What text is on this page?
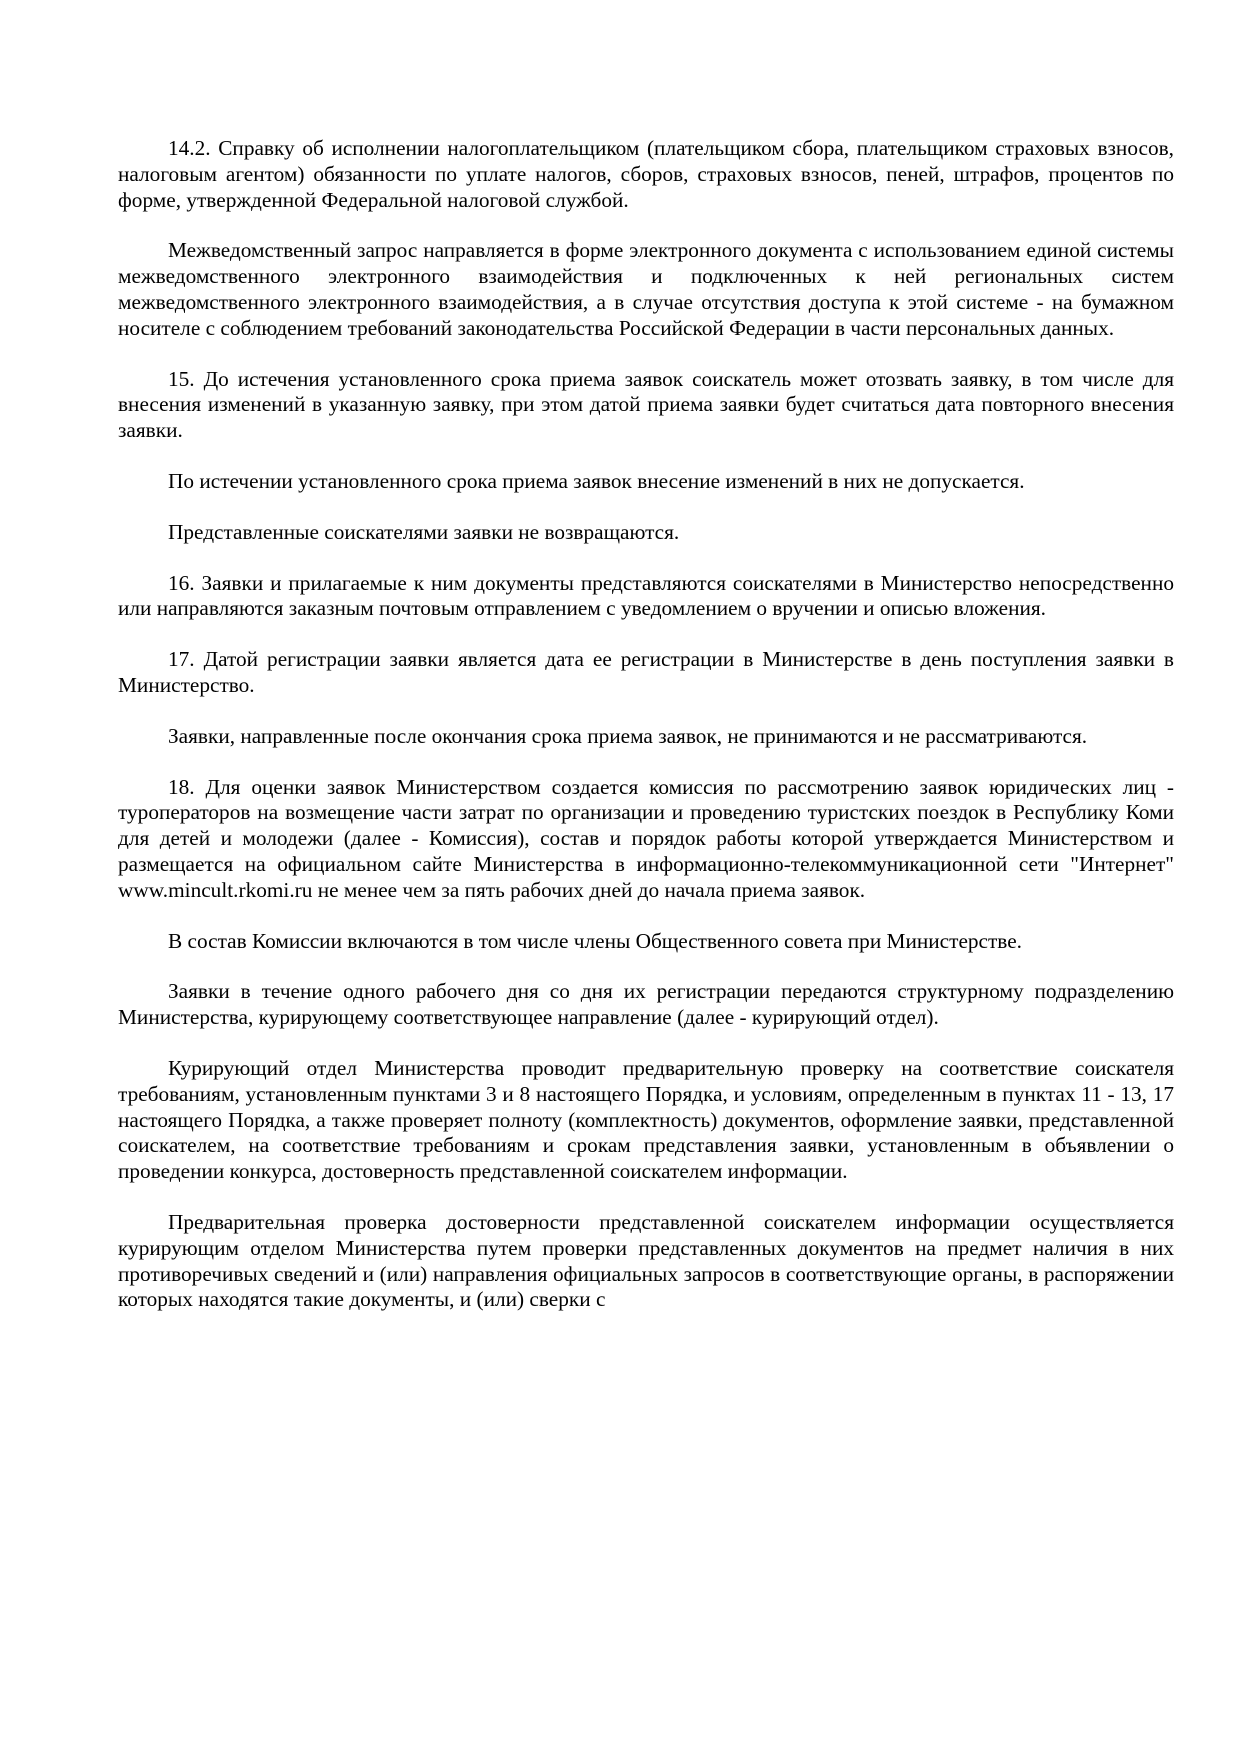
14.2. Справку об исполнении налогоплательщиком (плательщиком сбора, плательщиком страховых взносов, налоговым агентом) обязанности по уплате налогов, сборов, страховых взносов, пеней, штрафов, процентов по форме, утвержденной Федеральной налоговой службой.

Межведомственный запрос направляется в форме электронного документа с использованием единой системы межведомственного электронного взаимодействия и подключенных к ней региональных систем межведомственного электронного взаимодействия, а в случае отсутствия доступа к этой системе - на бумажном носителе с соблюдением требований законодательства Российской Федерации в части персональных данных.

15. До истечения установленного срока приема заявок соискатель может отозвать заявку, в том числе для внесения изменений в указанную заявку, при этом датой приема заявки будет считаться дата повторного внесения заявки.

По истечении установленного срока приема заявок внесение изменений в них не допускается.

Представленные соискателями заявки не возвращаются.

16. Заявки и прилагаемые к ним документы представляются соискателями в Министерство непосредственно или направляются заказным почтовым отправлением с уведомлением о вручении и описью вложения.

17. Датой регистрации заявки является дата ее регистрации в Министерстве в день поступления заявки в Министерство.

Заявки, направленные после окончания срока приема заявок, не принимаются и не рассматриваются.

18. Для оценки заявок Министерством создается комиссия по рассмотрению заявок юридических лиц - туроператоров на возмещение части затрат по организации и проведению туристских поездок в Республику Коми для детей и молодежи (далее - Комиссия), состав и порядок работы которой утверждается Министерством и размещается на официальном сайте Министерства в информационно-телекоммуникационной сети "Интернет" www.mincult.rkomi.ru не менее чем за пять рабочих дней до начала приема заявок.

В состав Комиссии включаются в том числе члены Общественного совета при Министерстве.

Заявки в течение одного рабочего дня со дня их регистрации передаются структурному подразделению Министерства, курирующему соответствующее направление (далее - курирующий отдел).

Курирующий отдел Министерства проводит предварительную проверку на соответствие соискателя требованиям, установленным пунктами 3 и 8 настоящего Порядка, и условиям, определенным в пунктах 11 - 13, 17 настоящего Порядка, а также проверяет полноту (комплектность) документов, оформление заявки, представленной соискателем, на соответствие требованиям и срокам представления заявки, установленным в объявлении о проведении конкурса, достоверность представленной соискателем информации.

Предварительная проверка достоверности представленной соискателем информации осуществляется курирующим отделом Министерства путем проверки представленных документов на предмет наличия в них противоречивых сведений и (или) направления официальных запросов в соответствующие органы, в распоряжении которых находятся такие документы, и (или) сверки с
